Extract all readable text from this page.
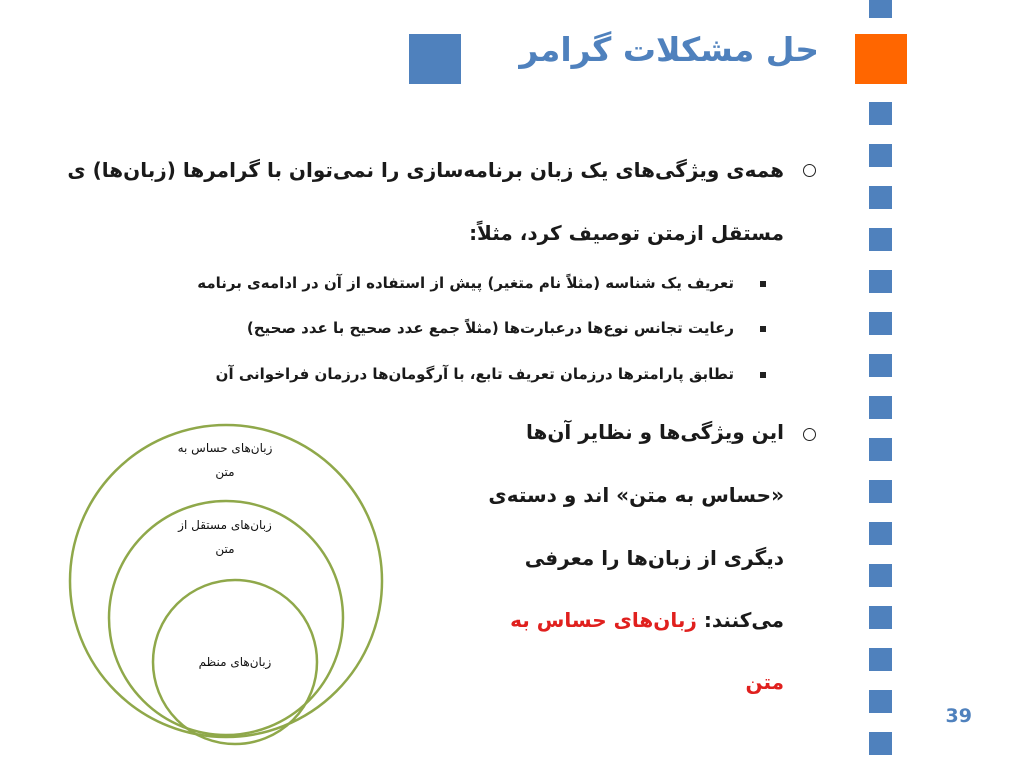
حل مشکلات گرامر
همه‌ی ویژگی‌های یک زبان برنامه‌سازی را نمی‌توان با گرامرها (زبان‌ها) ی
مستقل ازمتن توصیف کرد، مثلاً:
تعریف یک شناسه (مثلاً نام متغیر) پیش از استفاده از آن در ادامه‌ی برنامه
رعایت تجانس نوع‌ها درعبارت‌ها (مثلاً جمع عدد صحیح با عدد صحیح)
تطابق پارامترها درزمان تعریف تابع، با آرگومان‌ها درزمان فراخوانی آن
این ویژگی‌ها و نظایر آن‌ها
«حساس به متن» اند و دسته‌ی
دیگری از زبان‌ها را معرفی
می‌کنند: زبان‌های حساس به
متن
زبان‌های حساس به
متن
زبان‌های مستقل از
متن
زبان‌های منظم
39
